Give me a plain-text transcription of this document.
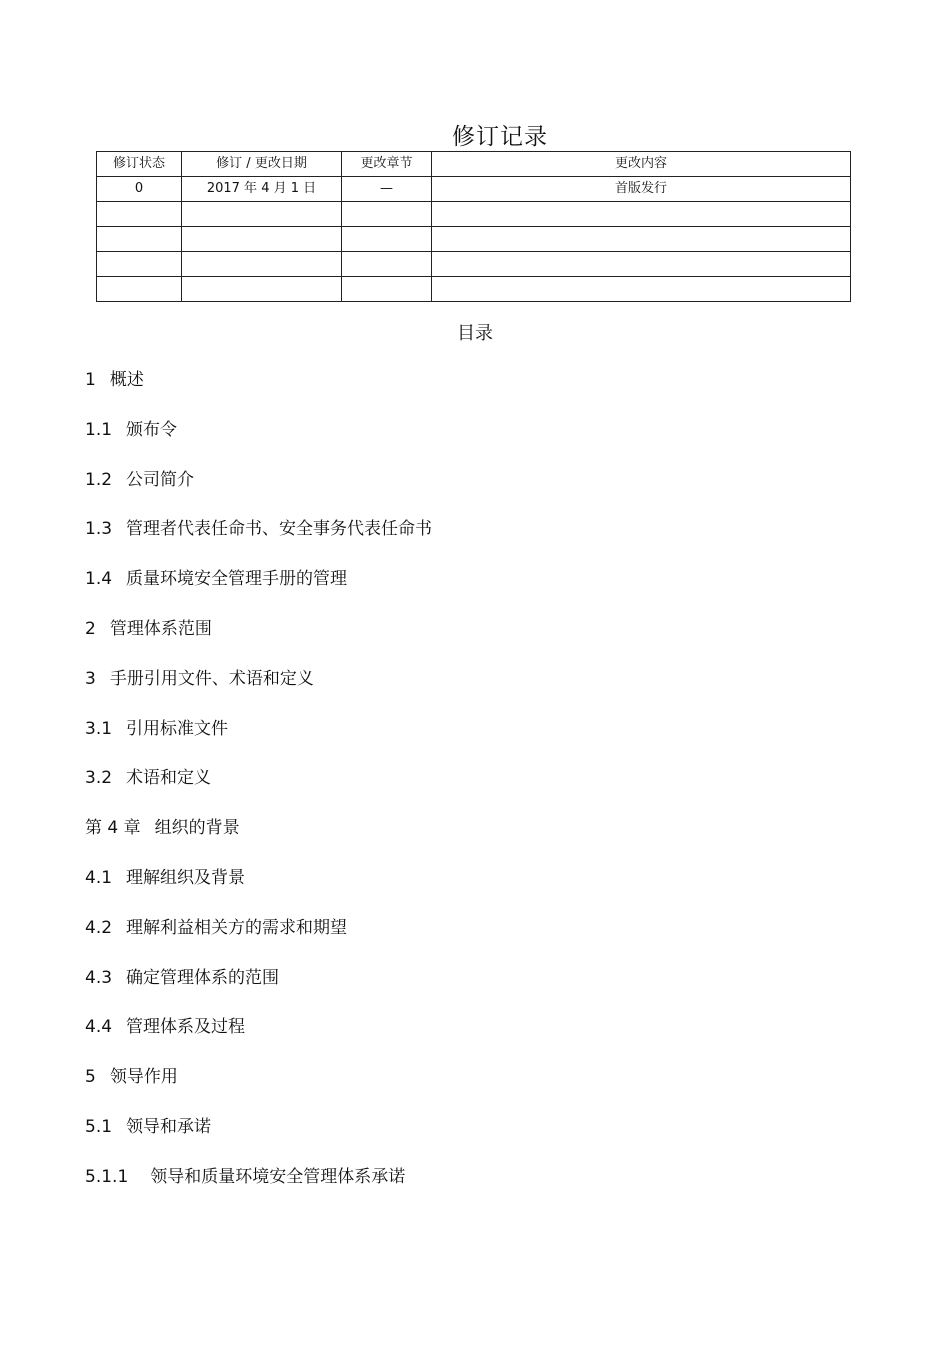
修订记录
修订状态	修订 / 更改日期	更改章节	更改内容
0	2017 年 4 月 1 日	—	首版发行

目录
1 概述
1.1 颁布令
1.2 公司简介
1.3 管理者代表任命书、安全事务代表任命书
1.4 质量环境安全管理手册的管理
2 管理体系范围
3 手册引用文件、术语和定义
3.1 引用标准文件
3.2 术语和定义
第 4 章 组织的背景
4.1 理解组织及背景
4.2 理解利益相关方的需求和期望
4.3 确定管理体系的范围
4.4 管理体系及过程
5 领导作用
5.1 领导和承诺
5.1.1 领导和质量环境安全管理体系承诺
